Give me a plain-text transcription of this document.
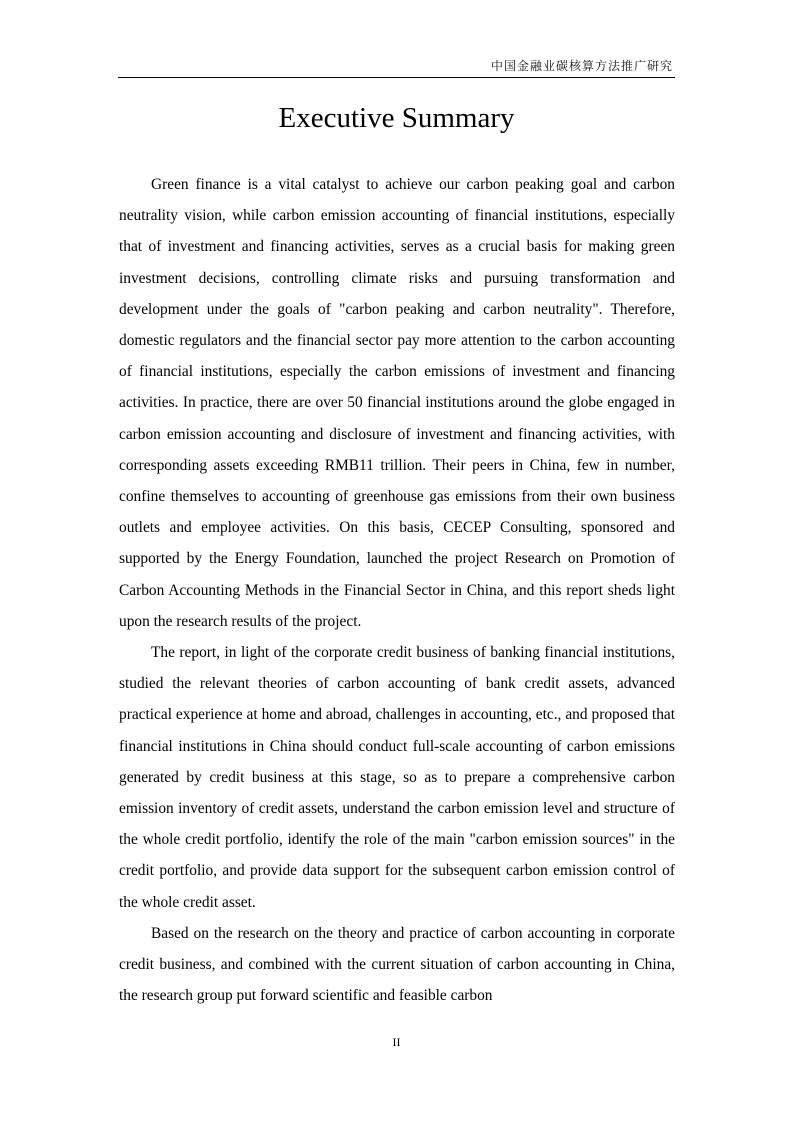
中国金融业碳核算方法推广研究
Executive Summary

Green finance is a vital catalyst to achieve our carbon peaking goal and carbon neutrality vision, while carbon emission accounting of financial institutions, especially that of investment and financing activities, serves as a crucial basis for making green investment decisions, controlling climate risks and pursuing transformation and development under the goals of "carbon peaking and carbon neutrality". Therefore, domestic regulators and the financial sector pay more attention to the carbon accounting of financial institutions, especially the carbon emissions of investment and financing activities. In practice, there are over 50 financial institutions around the globe engaged in carbon emission accounting and disclosure of investment and financing activities, with corresponding assets exceeding RMB11 trillion. Their peers in China, few in number, confine themselves to accounting of greenhouse gas emissions from their own business outlets and employee activities. On this basis, CECEP Consulting, sponsored and supported by the Energy Foundation, launched the project Research on Promotion of Carbon Accounting Methods in the Financial Sector in China, and this report sheds light upon the research results of the project.

The report, in light of the corporate credit business of banking financial institutions, studied the relevant theories of carbon accounting of bank credit assets, advanced practical experience at home and abroad, challenges in accounting, etc., and proposed that financial institutions in China should conduct full-scale accounting of carbon emissions generated by credit business at this stage, so as to prepare a comprehensive carbon emission inventory of credit assets, understand the carbon emission level and structure of the whole credit portfolio, identify the role of the main "carbon emission sources" in the credit portfolio, and provide data support for the subsequent carbon emission control of the whole credit asset.

Based on the research on the theory and practice of carbon accounting in corporate credit business, and combined with the current situation of carbon accounting in China, the research group put forward scientific and feasible carbon

II
